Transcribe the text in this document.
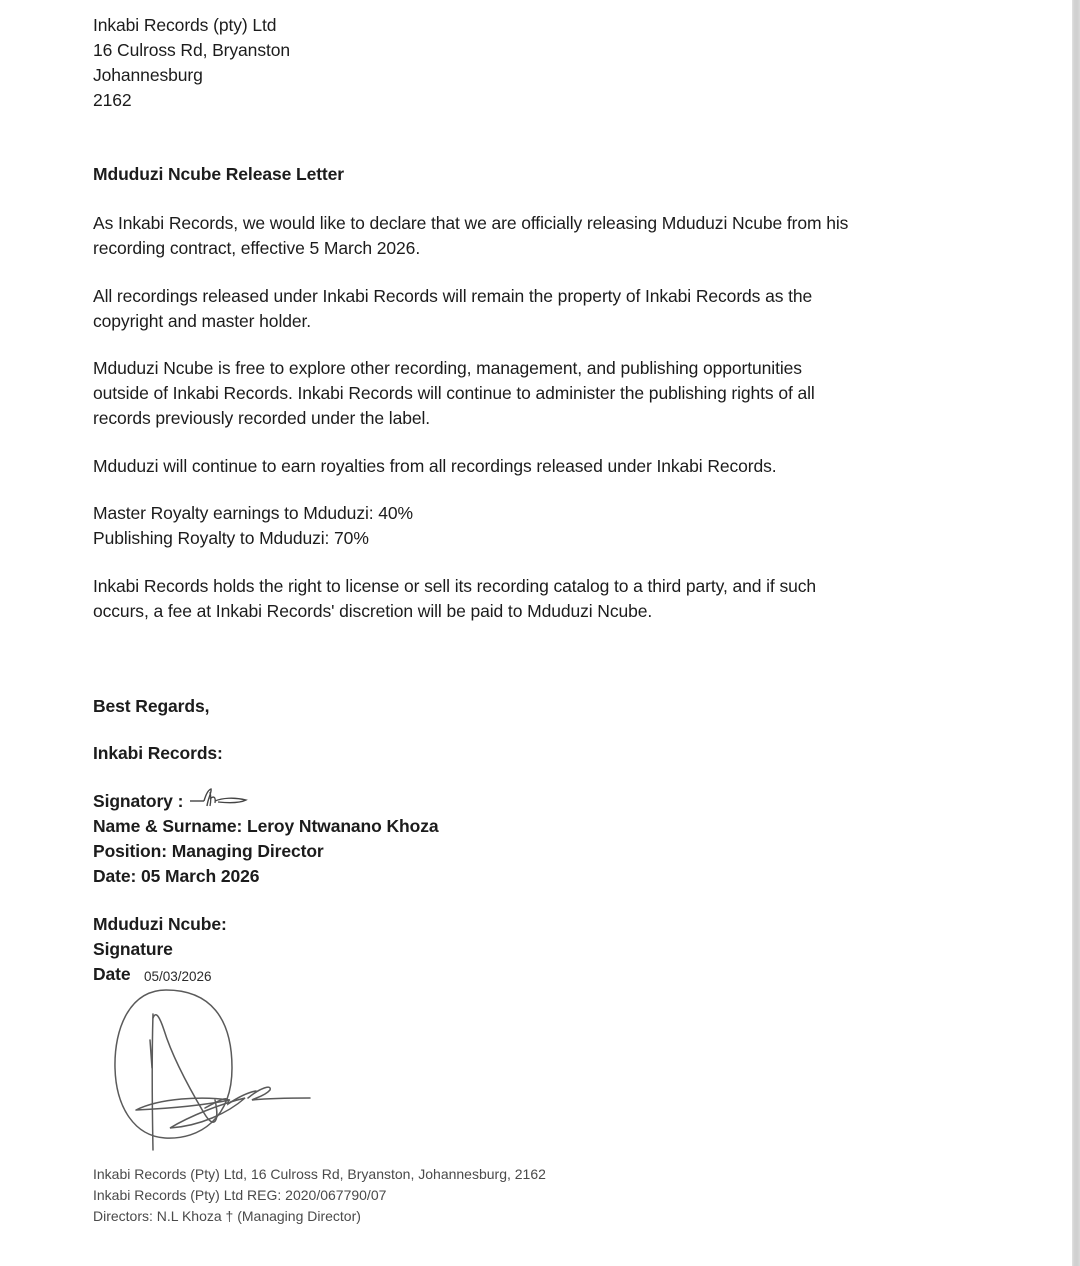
Inkabi Records (pty) Ltd
16 Culross Rd, Bryanston
Johannesburg
2162
Mduduzi Ncube Release Letter
As Inkabi Records, we would like to declare that we are officially releasing Mduduzi Ncube from his
recording contract, effective 5 March 2026.
All recordings released under Inkabi Records will remain the property of Inkabi Records as the
copyright and master holder.
Mduduzi Ncube is free to explore other recording, management, and publishing opportunities
outside of Inkabi Records. Inkabi Records will continue to administer the publishing rights of all
records previously recorded under the label.
Mduduzi will continue to earn royalties from all recordings released under Inkabi Records.
Master Royalty earnings to Mduduzi: 40%
Publishing Royalty to Mduduzi: 70%
Inkabi Records holds the right to license or sell its recording catalog to a third party, and if such
occurs, a fee at Inkabi Records' discretion will be paid to Mduduzi Ncube.
Best Regards,
Inkabi Records:
Signatory :
Name & Surname: Leroy Ntwanano Khoza
Position: Managing Director
Date: 05 March 2026
Mduduzi Ncube:
Signature
Date 05/03/2026
Inkabi Records (Pty) Ltd, 16 Culross Rd, Bryanston, Johannesburg, 2162
Inkabi Records (Pty) Ltd REG: 2020/067790/07
Directors: N.L Khoza † (Managing Director)
